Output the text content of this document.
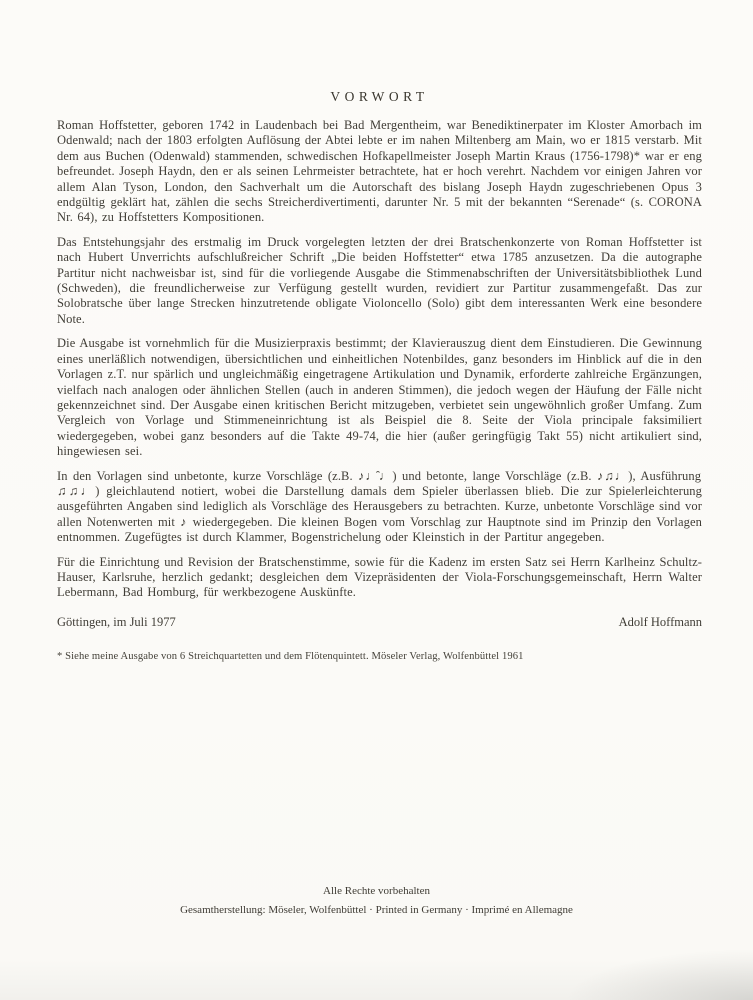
VORWORT

Roman Hoffstetter, geboren 1742 in Laudenbach bei Bad Mergentheim, war Benediktinerpater im Kloster Amorbach im Odenwald; nach der 1803 erfolgten Auflösung der Abtei lebte er im nahen Miltenberg am Main, wo er 1815 verstarb. Mit dem aus Buchen (Odenwald) stammenden, schwedischen Hofkapellmeister Joseph Martin Kraus (1756-1798)* war er eng befreundet. Joseph Haydn, den er als seinen Lehrmeister betrachtete, hat er hoch verehrt. Nachdem vor einigen Jahren vor allem Alan Tyson, London, den Sachverhalt um die Autorschaft des bislang Joseph Haydn zugeschriebenen Opus 3 endgültig geklärt hat, zählen die sechs Streicherdivertimenti, darunter Nr. 5 mit der bekannten “Serenade“ (s. CORONA Nr. 64), zu Hoffstetters Kompositionen.

Das Entstehungsjahr des erstmalig im Druck vorgelegten letzten der drei Bratschenkonzerte von Roman Hoffstetter ist nach Hubert Unverrichts aufschlußreicher Schrift „Die beiden Hoffstetter“ etwa 1785 anzusetzen. Da die autographe Partitur nicht nachweisbar ist, sind für die vorliegende Ausgabe die Stimmenabschriften der Universitätsbibliothek Lund (Schweden), die freundlicherweise zur Verfügung gestellt wurden, revidiert zur Partitur zusammengefaßt. Das zur Solobratsche über lange Strecken hinzutretende obligate Violoncello (Solo) gibt dem interessanten Werk eine besondere Note.

Die Ausgabe ist vornehmlich für die Musizierpraxis bestimmt; der Klavierauszug dient dem Einstudieren. Die Gewinnung eines unerläßlich notwendigen, übersichtlichen und einheitlichen Notenbildes, ganz besonders im Hinblick auf die in den Vorlagen z.T. nur spärlich und ungleichmäßig eingetragene Artikulation und Dynamik, erforderte zahlreiche Ergänzungen, vielfach nach analogen oder ähnlichen Stellen (auch in anderen Stimmen), die jedoch wegen der Häufung der Fälle nicht gekennzeichnet sind. Der Ausgabe einen kritischen Bericht mitzugeben, verbietet sein ungewöhnlich großer Umfang. Zum Vergleich von Vorlage und Stimmeneinrichtung ist als Beispiel die 8. Seite der Viola principale faksimiliert wiedergegeben, wobei ganz besonders auf die Takte 49-74, die hier (außer geringfügig Takt 55) nicht artikuliert sind, hingewiesen sei.

In den Vorlagen sind unbetonte, kurze Vorschläge (z.B. ♪♩̑♩) und betonte, lange Vorschläge (z.B. ♪♫♩), Ausführung ♫♫♩) gleichlautend notiert, wobei die Darstellung damals dem Spieler überlassen blieb. Die zur Spielerleichterung ausgeführten Angaben sind lediglich als Vorschläge des Herausgebers zu betrachten. Kurze, unbetonte Vorschläge sind vor allen Notenwerten mit ♪ wiedergegeben. Die kleinen Bogen vom Vorschlag zur Hauptnote sind im Prinzip den Vorlagen entnommen. Zugefügtes ist durch Klammer, Bogenstrichelung oder Kleinstich in der Partitur angegeben.

Für die Einrichtung und Revision der Bratschenstimme, sowie für die Kadenz im ersten Satz sei Herrn Karlheinz Schultz-Hauser, Karlsruhe, herzlich gedankt; desgleichen dem Vizepräsidenten der Viola-Forschungsgemeinschaft, Herrn Walter Lebermann, Bad Homburg, für werkbezogene Auskünfte.

Göttingen, im Juli 1977	Adolf Hoffmann
* Siehe meine Ausgabe von 6 Streichquartetten und dem Flötenquintett. Möseler Verlag, Wolfenbüttel 1961
Alle Rechte vorbehalten
Gesamtherstellung: Möseler, Wolfenbüttel · Printed in Germany · Imprimé en Allemagne
